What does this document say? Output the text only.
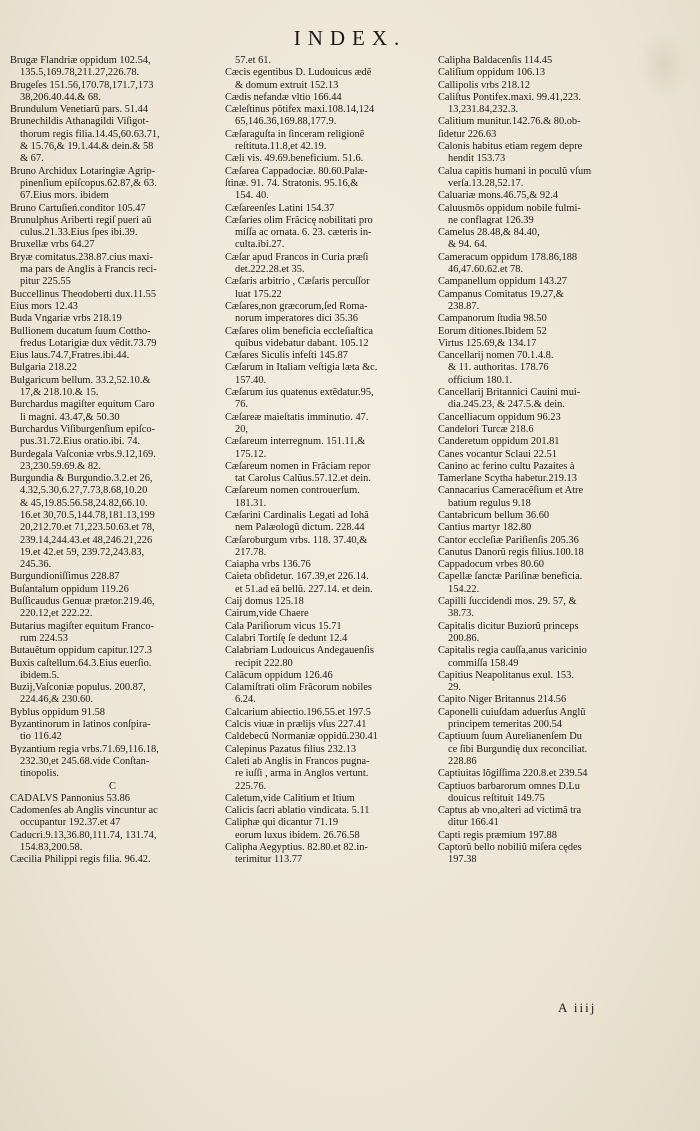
INDEX.
Brugæ Flandriæ oppidum 102.54,
135.5,169.78,211.27,226.78.
Brugeſes 151.56,170.78,171.7,173
38,206.40.44.& 68.
Brundulum Venetiarũ pars. 51.44
Brunechildis Athanagildi Viſigot-
thorum regis filia.14.45,60.63.71,
& 15.76,& 19.1.44.& dein.& 58
& 67.
Bruno Archidux Lotaringiæ Agrip-
pinenſium epiſcopus.62.87,& 63.
67.Eius mors. ibidem
Bruno Cartuſień.conditor 105.47
Brunulphus Ariberti regiſ pueri aũ
culus.21.33.Eius ſpes ibi.39.
Bruxellæ vrbs 64.27
Bryæ comitatus.238.87.cius maxi-
ma pars de Anglis à Francis reci-
pitur 225.55
Buccellinus Theodoberti dux.11.55
Eius mors 12.43
Buda Vngariæ vrbs 218.19
Bullionem ducatum ſuum Cottho-
fredus Lotarigiæ dux vẽdit.73.79
Eius laus.74.7,Fratres.ibi.44.
Bulgaria 218.22
Bulgaricum bellum. 33.2,52.10.&
17,& 218.10.& 15.
Burchardus magiſter equitum Caro
li magni. 43.47,& 50.30
Burchardus Viſiburgenſium epiſco-
pus.31.72.Eius oratio.ibi. 74.
Burdegala Vaſconiæ vrbs.9.12,169.
23,230.59.69.& 82.
Burgundia & Burgundio.3.2.et 26,
4.32,5.30,6.27,7.73,8.68,10.20
& 45,19.85.56.58,24.82,66.10.
16.et 30,70.5,144.78,181.13,199
20,212.70.et 71,223.50.63.et 78,
239.14,244.43.et 48,246.21,226
19.et 42.et 59, 239.72,243.83,
245.36.
Burgundioniſſimus 228.87
Buſantalum oppidum 119.26
Buſſicaudus Genuæ prætor.219.46,
220.12,et 222.22.
Butarius magiſter equitum Franco-
rum 224.53
Butauẽtum oppidum capitur.127.3
Buxis caſtellum.64.3.Eius euerſio.
ibidem.5.
Buzij,Vaſconiæ populus. 200.87,
224.46,& 230.60.
Byblus oppidum 91.58
Byzantinorum in latinos conſpira-
tio 116.42
Byzantium regia vrbs.71.69,116.18,
232.30,et 245.68.vide Conſtan-
tinopolis.
C
CADALVS Pannonius 53.86
Cadomenſes ab Anglis vincuntur ac
occupantur 192.37.et 47
Caducri.9.13,36.80,111.74, 131.74,
154.83,200.58.
Cæcilia Philippi regis filia. 96.42.
57.et 61.
Cæcis egentibus D. Ludouicus ædẽ
& domum extruit 152.13
Cædis nefandæ vltio 166.44
Cæleſtinus põtifex maxi.108.14,124
65,146.36,169.88,177.9.
Cæſaraguſta in ſinceram religionẽ
reſtituta.11.8,et 42.19.
Cæli vis. 49.69.beneficium. 51.6.
Cæſarea Cappadociæ. 80.60.Palæ-
ſtinæ. 91. 74. Stratonis. 95.16,&
154. 40.
Cæſareenſes Latini 154.37
Cæſaries olim Frãcicę nobilitati pro
miſſa ac ornata. 6. 23. cæteris in-
culta.ibi.27.
Cæſar apud Francos in Curia præſi
det.222.28.et 35.
Cæſaris arbitrio , Cæſaris percuſſor
luat 175.22
Cæſares,non græcorum,ſed Roma-
norum imperatores dici 35.36
Cæſares olim beneficia eccleſiaſtica
quibus videbatur dabant. 105.12
Cæſares Siculis infeſti 145.87
Cæſarum in Italiam veſtigia læta &c.
157.40.
Cæſarum ius quatenus extẽdatur.95,
76.
Cæſareæ maieſtatis imminutio. 47.
20,
Cæſareum interregnum. 151.11.&
175.12.
Cæſareum nomen in Frãciam repor
tat Carolus Calũus.57.12.et dein.
Cæſareum nomen controuerſum.
181.31.
Cæſarini Cardinalis Legati ad Iohã
nem Palæologũ dictum. 228.44
Cæſaroburgum vrbs. 118. 37.40,&
217.78.
Caiapha vrbs 136.76
Caieta obſidetur. 167.39,et 226.14.
et 51.ad eã bellũ. 227.14. et dein.
Caij domus 125.18
Cairum,vide Chaere
Cala Pariſiorum vicus 15.71
Calabri Tortiſę ſe dedunt 12.4
Calabriam Ludouicus Andegauenſis
recipit 222.80
Calãcum oppidum 126.46
Calamiſtrati olim Frãcorum nobiles
6.24.
Calcarium abiectio.196.55.et 197.5
Calcis viuæ in prælijs vſus 227.41
Caldebecũ Normaniæ oppidũ.230.41
Calepinus Pazatus filius 232.13
Caleti ab Anglis in Francos pugna-
re iuſſi , arma in Anglos vertunt.
225.76.
Caletum,vide Calitium et Itium
Calicis ſacri ablatio vindicata. 5.11
Caliphæ qui dicantur 71.19
eorum luxus ibidem. 26.76.58
Calipha Aegyptius. 82.80.et 82.in-
terimitur 113.77
Calipha Baldacenſis 114.45
Caliſium oppidum 106.13
Callipolis vrbs 218.12
Caliſtus Pontifex.maxi. 99.41,223.
13,231.84,232.3.
Calitium munitur.142.76.& 80.ob-
ſidetur 226.63
Calonis habitus etiam regem depre
hendit 153.73
Calua capitis humani in poculũ vſum
verſa.13.28,52.17.
Caluariæ mons.46.75,& 92.4
Caluusmõs oppidum nobile fulmi-
ne conflagrat 126.39
Camelus 28.48,& 84.40,
& 94. 64.
Cameracum oppidum 178.86,188
46,47.60.62.et 78.
Campanellum oppidum 143.27
Campanus Comitatus 19.27,&
238.87.
Campanorum ſtudia 98.50
Eorum ditiones.Ibidem 52
Virtus 125.69,& 134.17
Cancellarij nomen 70.1.4.8.
& 11. authoritas. 178.76
officium 180.1.
Cancellarij Britannici Cauini mui-
dia.245.23, & 247.5.& dein.
Cancelliacum oppidum 96.23
Candelori Turcæ 218.6
Canderetum oppidum 201.81
Canes vocantur Sclaui 22.51
Canino ac ferino cultu Pazaites à
Tamerlane Scytha habetur.219.13
Cannacarius Cameracẽſium et Atre
batium regulus 9.18
Cantabricum bellum 36.60
Cantius martyr 182.80
Cantor eccleſiæ Pariſienſis 205.36
Canutus Danorũ regis filius.100.18
Cappadocum vrbes 80.60
Capellæ ſanctæ Pariſinæ beneficia.
154.22.
Capilli ſuccidendi mos. 29. 57, &
38.73.
Capitalis dicitur Buziorũ princeps
200.86.
Capitalis regia cauſſa,anus varicinio
commiſſa 158.49
Capitius Neapolitanus exul. 153.
29.
Capito Niger Britannus 214.56
Caponelli cuiuſdam aduerſus Anglũ
principem temeritas 200.54
Captiuum ſuum Aurelianenſem Du
ce ſibi Burgundię dux reconciliat.
228.86
Captiuitas lõgiſſima 220.8.et 239.54
Captiuos barbarorum omnes D.Lu
douicus reſtituit 149.75
Captus ab vno,alteri ad victimã tra
ditur 166.41
Capti regis præmium 197.88
Captorũ bello nobiliũ miſera cędes
197.38
A iiij
